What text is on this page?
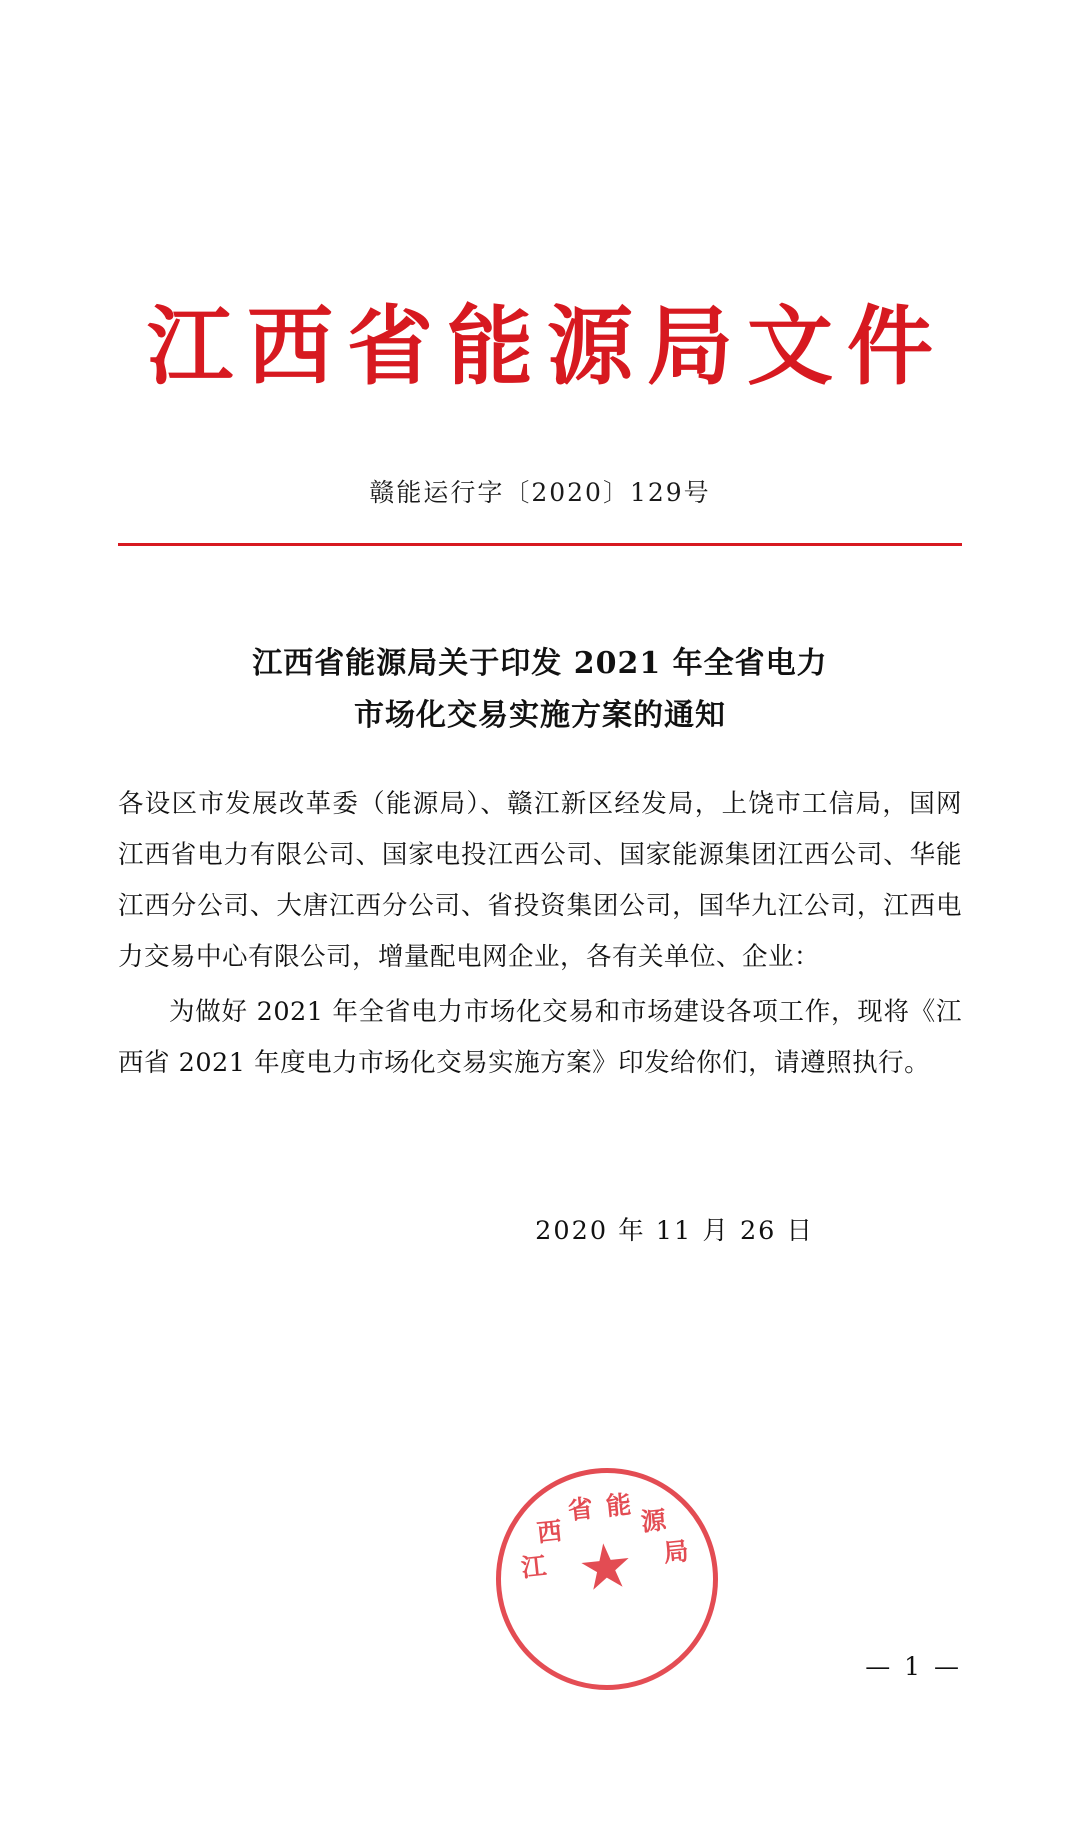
江西省能源局文件
赣能运行字〔2020〕129号
江西省能源局关于印发 2021 年全省电力
市场化交易实施方案的通知

各设区市发展改革委（能源局）、赣江新区经发局，上饶市工信局，国网江西省电力有限公司、国家电投江西公司、国家能源集团江西公司、华能江西分公司、大唐江西分公司、省投资集团公司，国华九江公司，江西电力交易中心有限公司，增量配电网企业，各有关单位、企业：

为做好 2021 年全省电力市场化交易和市场建设各项工作，现将《江西省 2021 年度电力市场化交易实施方案》印发给你们，请遵照执行。

2020 年 11 月 26 日
— 1 —
江
西
省 能 源
局
